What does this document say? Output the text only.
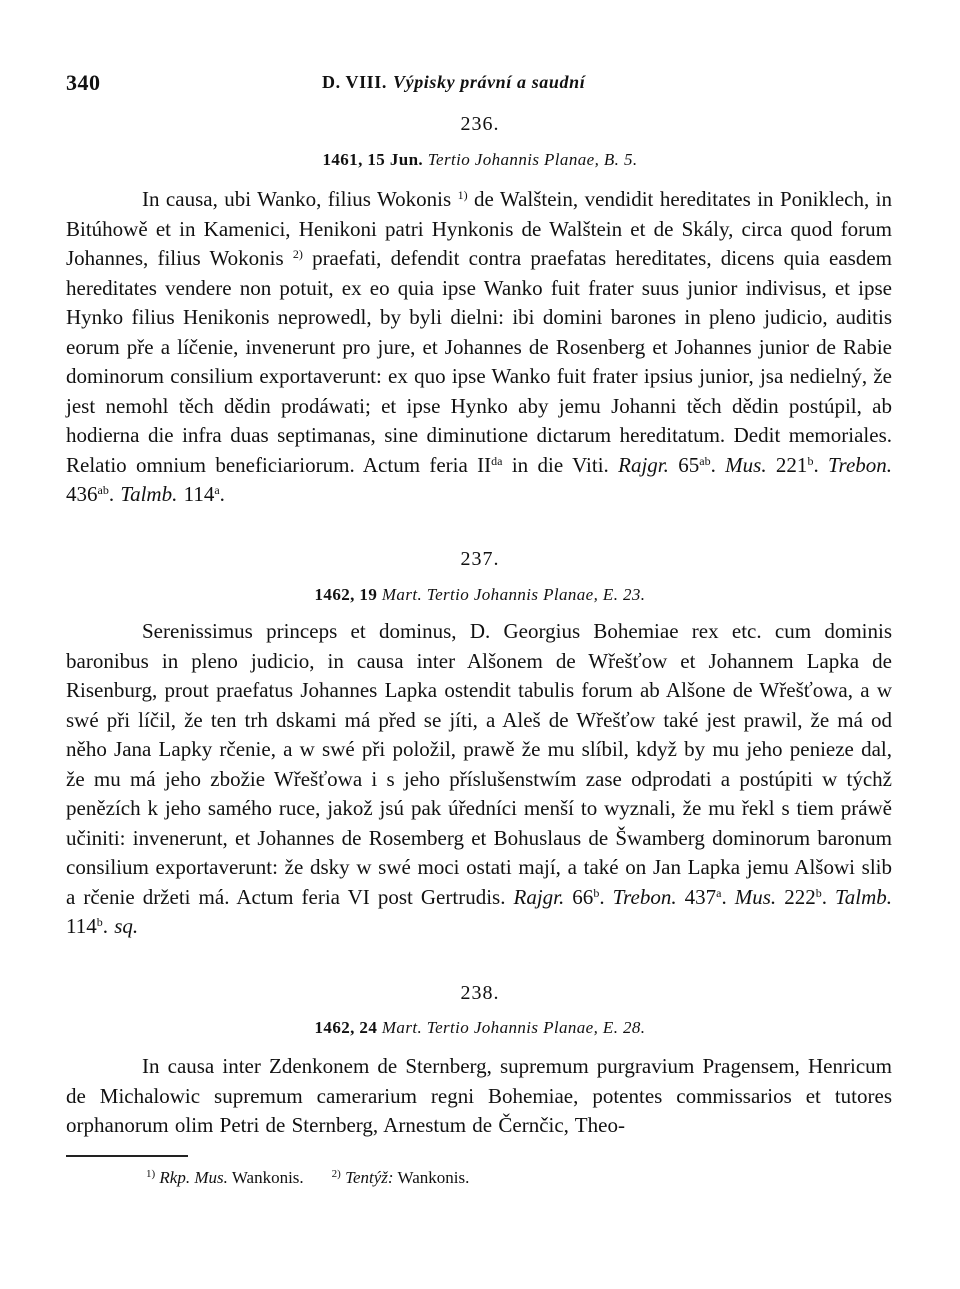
340	D. VIII. Výpisky právní a saudní
236.
1461, 15 Jun. Tertio Johannis Planae, B. 5.

In causa, ubi Wanko, filius Wokonis $^{1)}$ de Walštein, vendidit hereditates in Poniklech, in Bitúhowě et in Kamenici, Henikoni patri Hynkonis de Walštein et de Skály, circa quod forum Johannes, filius Wokonis $^{2)}$ praefati, defendit contra praefatas hereditates, dicens quia easdem hereditates vendere non potuit, ex eo quia ipse Wanko fuit frater suus junior indivisus, et ipse Hynko filius Henikonis neprowedl, by byli dielni: ibi domini barones in pleno judicio, auditis eorum pře a líčenie, invenerunt pro jure, et Johannes de Rosenberg et Johannes junior de Rabie dominorum consilium exportaverunt: ex quo ipse Wanko fuit frater ipsius junior, jsa nedielný, že jest nemohl těch dědin prodáwati; et ipse Hynko aby jemu Johanni těch dědin postúpil, ab hodierna die infra duas septimanas, sine diminutione dictarum hereditatum. Dedit memoriales. Relatio omnium beneficiariorum. Actum feria $II^{da}$ in die Viti. Rajgr. $65^{ab}$. Mus. 221$^b$. Trebon. $436^{ab}$. Talmb. 114$^a$.

237.
1462, 19 Mart. Tertio Johannis Planae, E. 23.

Serenissimus princeps et dominus, D. Georgius Bohemiae rex etc. cum dominis baronibus in pleno judicio, in causa inter Alšonem de Wřešťow et Johannem Lapka de Risenburg, prout praefatus Johannes Lapka ostendit tabulis forum ab Alšone de Wřešťowa, a w swé při líčil, že ten trh dskami má před se jíti, a Aleš de Wřešťow také jest prawil, že má od něho Jana Lapky rčenie, a w swé při položil, prawě že mu slíbil, když by mu jeho penieze dal, že mu má jeho zbožie Wřešťowa i s jeho příslušenstwím zase odprodati a postúpiti w týchž penězích k jeho samého ruce, jakož jsú pak úředníci menší to wyznali, že mu řekl s tiem práwě učiniti: invenerunt, et Johannes de Rosemberg et Bohuslaus de Šwamberg dominorum baronum consilium exportaverunt: že dsky w swé moci ostati mají, a také on Jan Lapka jemu Alšowi slib a rčenie držeti má. Actum feria VI post Gertrudis. Rajgr. 66$^b$. Trebon. 437$^a$. Mus. 222$^b$. Talmb. 114$^b$. sq.

238.
1462, 24 Mart. Tertio Johannis Planae, E. 28.

In causa inter Zdenkonem de Sternberg, supremum purgravium Pragensem, Henricum de Michalowic supremum camerarium regni Bohemiae, potentes commissarios et tutores orphanorum olim Petri de Sternberg, Arnestum de Černčic, Theo-

$^{1)}$ Rkp. Mus. Wankonis.	$^{2)}$ Tentýž: Wankonis.
